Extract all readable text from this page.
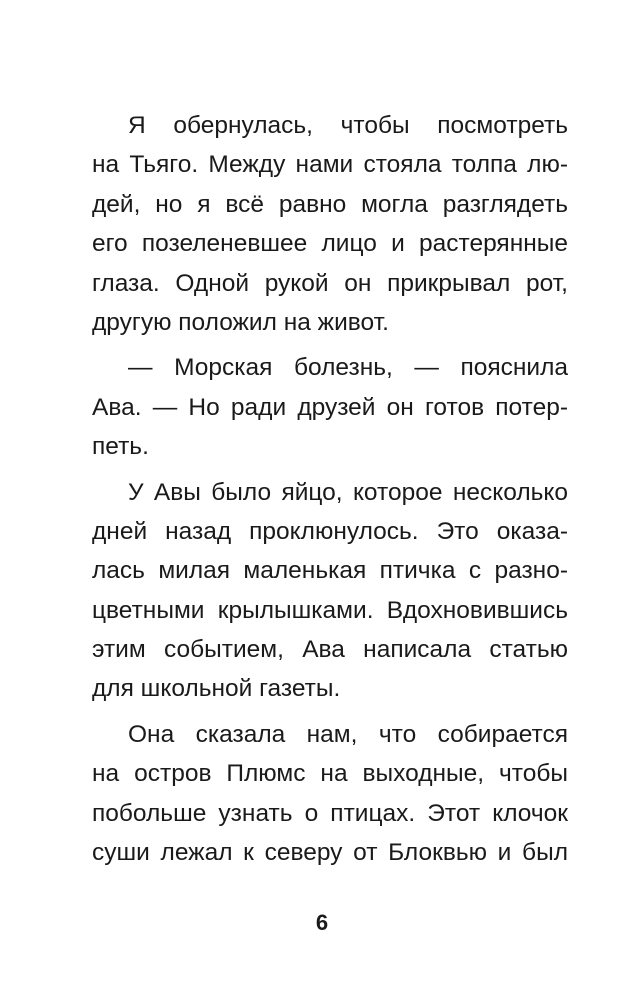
Я обернулась, чтобы посмотреть
на Тьяго. Между нами стояла толпа лю-
дей, но я всё равно могла разглядеть
его позеленевшее лицо и растерянные
глаза. Одной рукой он прикрывал рот,
другую положил на живот.
— Морская болезнь, — пояснила
Ава. — Но ради друзей он готов потер-
петь.
У Авы было яйцо, которое несколько
дней назад проклюнулось. Это оказа-
лась милая маленькая птичка с разно-
цветными крылышками. Вдохновившись
этим событием, Ава написала статью
для школьной газеты.
Она сказала нам, что собирается
на остров Плюмс на выходные, чтобы
побольше узнать о птицах. Этот клочок
суши лежал к северу от Блоквью и был
6
